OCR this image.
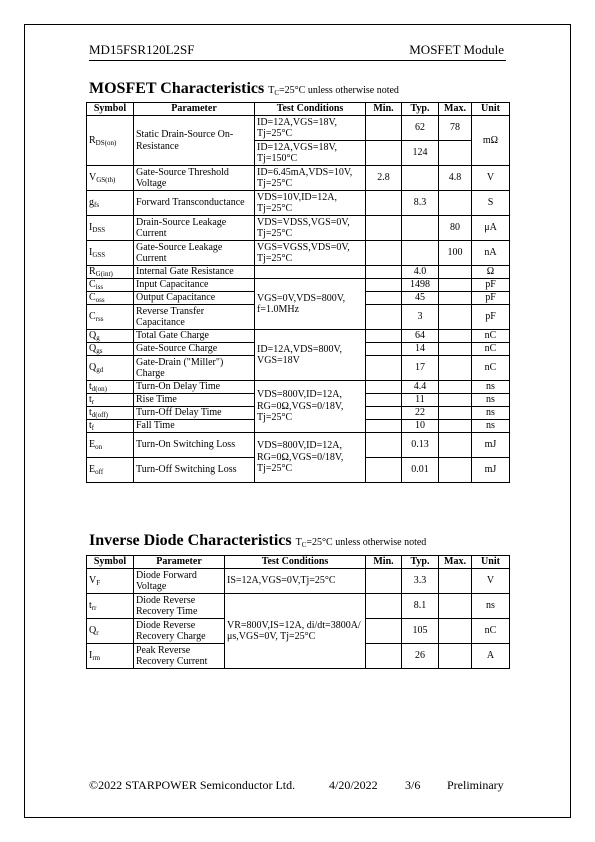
MD15FSR120L2SF	MOSFET Module
MOSFET Characteristics $T_C=25^\circ C$ unless otherwise noted
Symbol	Parameter	Test Conditions	Min.	Typ.	Max.	Unit
$R_{DS(on)}$	Static Drain-Source On-Resistance	ID=12A,VGS=18V, Tj=25°C		62	78	mΩ
		ID=12A,VGS=18V, Tj=150°C		124		
$V_{GS(th)}$	Gate-Source Threshold Voltage	ID=6.45mA,VDS=10V, Tj=25°C	2.8		4.8	V
$g_{fs}$	Forward Transconductance	VDS=10V,ID=12A, Tj=25°C		8.3		S
$I_{DSS}$	Drain-Source Leakage Current	VDS=VDSS,VGS=0V, Tj=25°C			80	μA
$I_{GSS}$	Gate-Source Leakage Current	VGS=VGSS,VDS=0V, Tj=25°C			100	nA
$R_{G(int)}$	Internal Gate Resistance			4.0		Ω
$C_{iss}$	Input Capacitance	VGS=0V,VDS=800V, f=1.0MHz		1498		pF
$C_{oss}$	Output Capacitance			45		pF
$C_{rss}$	Reverse Transfer Capacitance			3		pF
$Q_g$	Total Gate Charge	ID=12A,VDS=800V, VGS=18V		64		nC
$Q_{gs}$	Gate-Source Charge			14		nC
$Q_{gd}$	Gate-Drain ("Miller") Charge			17		nC
$t_{d(on)}$	Turn-On Delay Time	VDS=800V,ID=12A, RG=0Ω,VGS=0/18V, Tj=25°C		4.4		ns
$t_r$	Rise Time			11		ns
$t_{d(off)}$	Turn-Off Delay Time			22		ns
$t_f$	Fall Time			10		ns
$E_{on}$	Turn-On Switching Loss	VDS=800V,ID=12A, RG=0Ω,VGS=0/18V, Tj=25°C		0.13		mJ
$E_{off}$	Turn-Off Switching Loss			0.01		mJ
Inverse Diode Characteristics $T_C=25^\circ C$ unless otherwise noted
Symbol	Parameter	Test Conditions	Min.	Typ.	Max.	Unit
$V_F$	Diode Forward Voltage	IS=12A,VGS=0V,Tj=25°C		3.3		V
$t_{rr}$	Diode Reverse Recovery Time	VR=800V,IS=12A, di/dt=3800A/μs,VGS=0V, Tj=25°C		8.1		ns
$Q_r$	Diode Reverse Recovery Charge			105		nC
$I_{rm}$	Peak Reverse Recovery Current			26		A
©2022 STARPOWER Semiconductor Ltd.	4/20/2022 3/6 Preliminary
